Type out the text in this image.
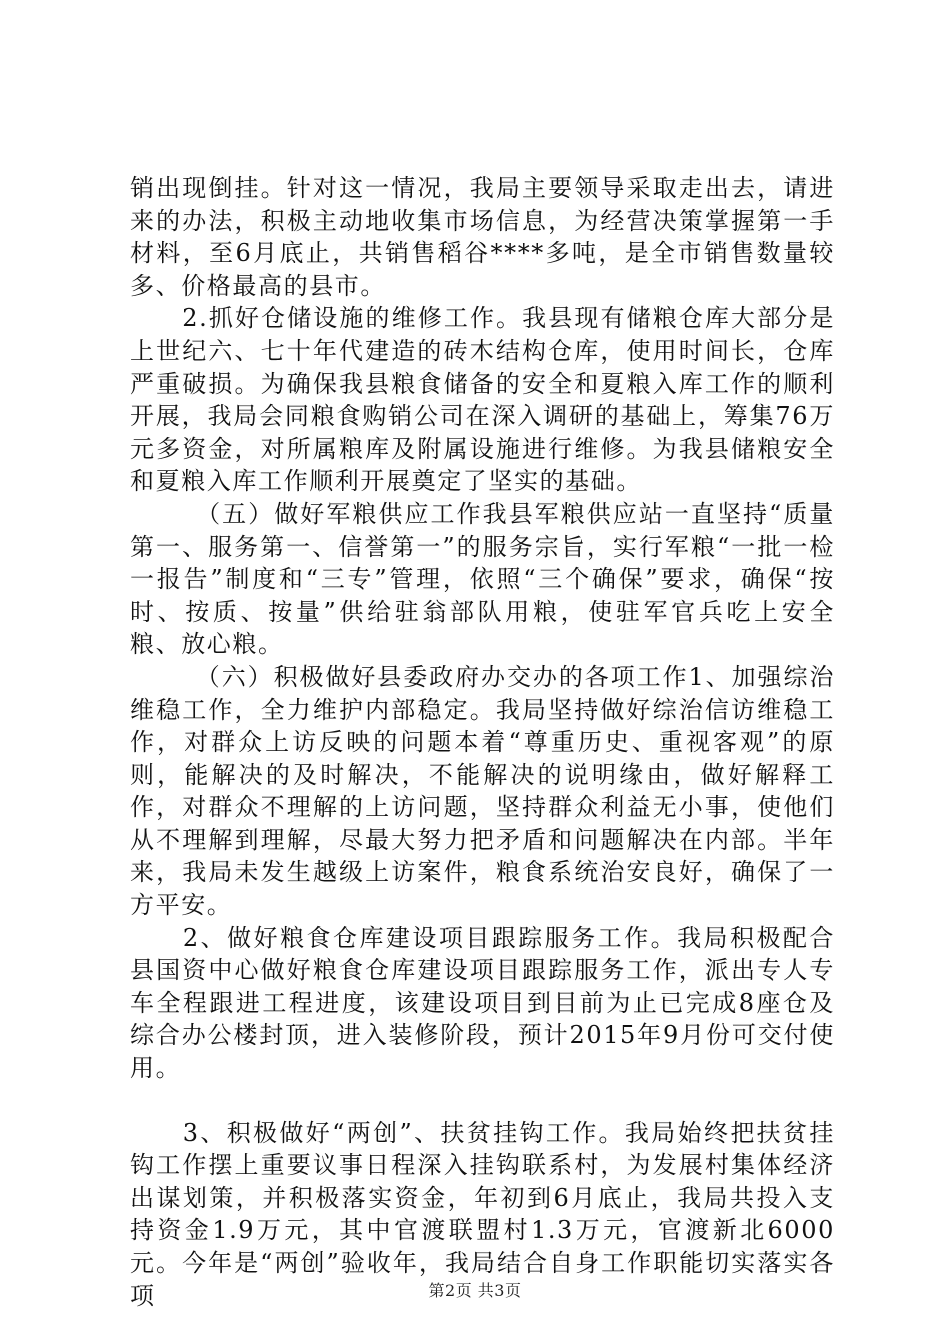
销出现倒挂。针对这一情况，我局主要领导采取走出去，请进来的办法，积极主动地收集市场信息，为经营决策掌握第一手材料，至6月底止，共销售稻谷****多吨，是全市销售数量较多、价格最高的县市。

　　2.抓好仓储设施的维修工作。我县现有储粮仓库大部分是上世纪六、七十年代建造的砖木结构仓库，使用时间长，仓库严重破损。为确保我县粮食储备的安全和夏粮入库工作的顺利开展，我局会同粮食购销公司在深入调研的基础上，筹集76万元多资金，对所属粮库及附属设施进行维修。为我县储粮安全和夏粮入库工作顺利开展奠定了坚实的基础。

　　　（五）做好军粮供应工作我县军粮供应站一直坚持“质量第一、服务第一、信誉第一”的服务宗旨，实行军粮“一批一检一报告”制度和“三专”管理，依照“三个确保”要求，确保“按时、按质、按量”供给驻翁部队用粮，使驻军官兵吃上安全粮、放心粮。

　　　（六）积极做好县委政府办交办的各项工作1、加强综治维稳工作，全力维护内部稳定。我局坚持做好综治信访维稳工作，对群众上访反映的问题本着“尊重历史、重视客观”的原则，能解决的及时解决，不能解决的说明缘由，做好解释工作，对群众不理解的上访问题，坚持群众利益无小事，使他们从不理解到理解，尽最大努力把矛盾和问题解决在内部。半年来，我局未发生越级上访案件，粮食系统治安良好，确保了一方平安。

　　2、做好粮食仓库建设项目跟踪服务工作。我局积极配合县国资中心做好粮食仓库建设项目跟踪服务工作，派出专人专车全程跟进工程进度，该建设项目到目前为止已完成8座仓及综合办公楼封顶，进入装修阶段，预计2015年9月份可交付使用。

　　3、积极做好“两创”、扶贫挂钩工作。我局始终把扶贫挂钩工作摆上重要议事日程深入挂钩联系村，为发展村集体经济出谋划策，并积极落实资金，年初到6月底止，我局共投入支持资金1.9万元，其中官渡联盟村1.3万元，官渡新北6000元。今年是“两创”验收年，我局结合自身工作职能切实落实各项	第2页 共3页
